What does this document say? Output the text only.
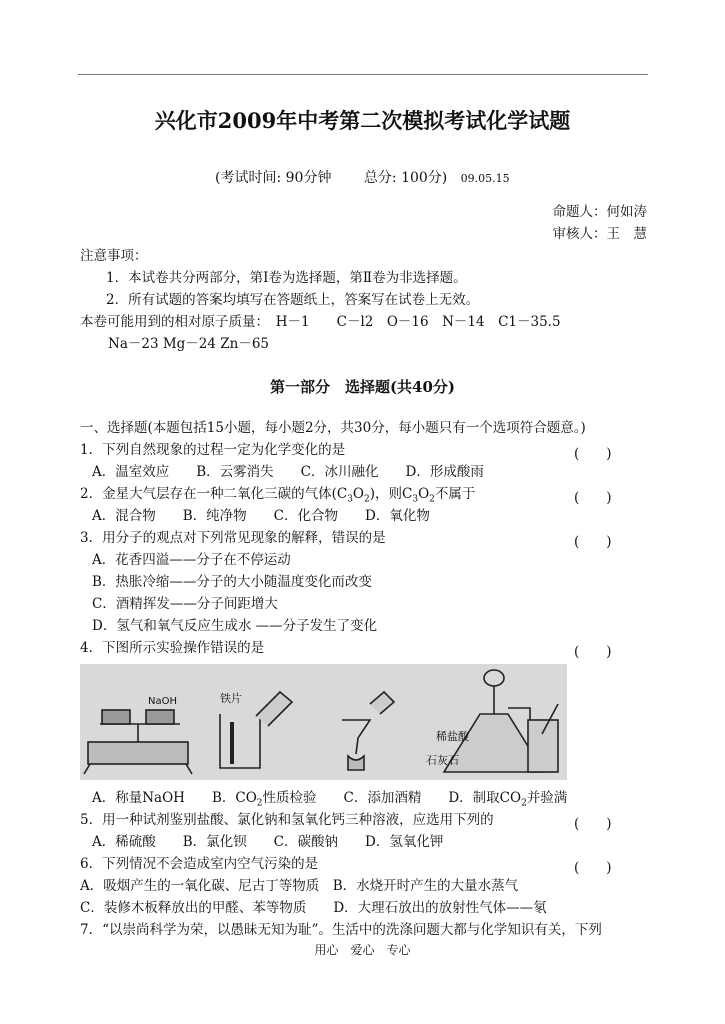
兴化市2009年中考第二次模拟考试化学试题
(考试时间: 90分钟　　 总分: 100分) 09.05.15
命题人：何如涛
审核人：王　慧
注意事项：
1．本试卷共分两部分，第Ⅰ卷为选择题，第Ⅱ卷为非选择题。
2．所有试题的答案均填写在答题纸上，答案写在试卷上无效。
本卷可能用到的相对原子质量：　H－1　　C－l2　O－16　N－14　C1－35.5
Na－23 Mg－24 Zn－65
第一部分　选择题(共40分)
一、选择题(本题包括15小题，每小题2分，共30分，每小题只有一个选项符合题意。)
1．下列自然现象的过程一定为化学变化的是	(　　)
A．温室效应　　B．云雾消失　　C．冰川融化　　D．形成酸雨
2．金星大气层存在一种二氧化三碳的气体$(C_3O_2)$，则$C_3O_2$不属于	(　　)
A．混合物　　B．纯净物　　C．化合物　　D．氧化物
3．用分子的观点对下列常见现象的解释，错误的是	(　　)
A．花香四溢——分子在不停运动
B．热胀冷缩——分子的大小随温度变化而改变
C．酒精挥发——分子间距增大
D．氢气和氧气反应生成水 ——分子发生了变化
4．下图所示实验操作错误的是	(　　)
NaOH	铁片
稀盐酸
石灰石
A．称量NaOH　　B．$CO_2$性质检验　　C．添加酒精　　D．制取$CO_2$并验满
5．用一种试剂鉴别盐酸、氯化钠和氢氧化钙三种溶液，应选用下列的	(　　)
A．稀硫酸　　B．氯化钡　　C．碳酸钠　　D．氢氧化钾
6．下列情况不会造成室内空气污染的是	(　　)
A．吸烟产生的一氧化碳、尼古丁等物质　B．水烧开时产生的大量水蒸气
C．装修木板释放出的甲醛、苯等物质　　D．大理石放出的放射性气体——氡
7．“以崇尚科学为荣，以愚昧无知为耻”。生活中的洗涤问题大都与化学知识有关，下列
用心　爱心　专心
